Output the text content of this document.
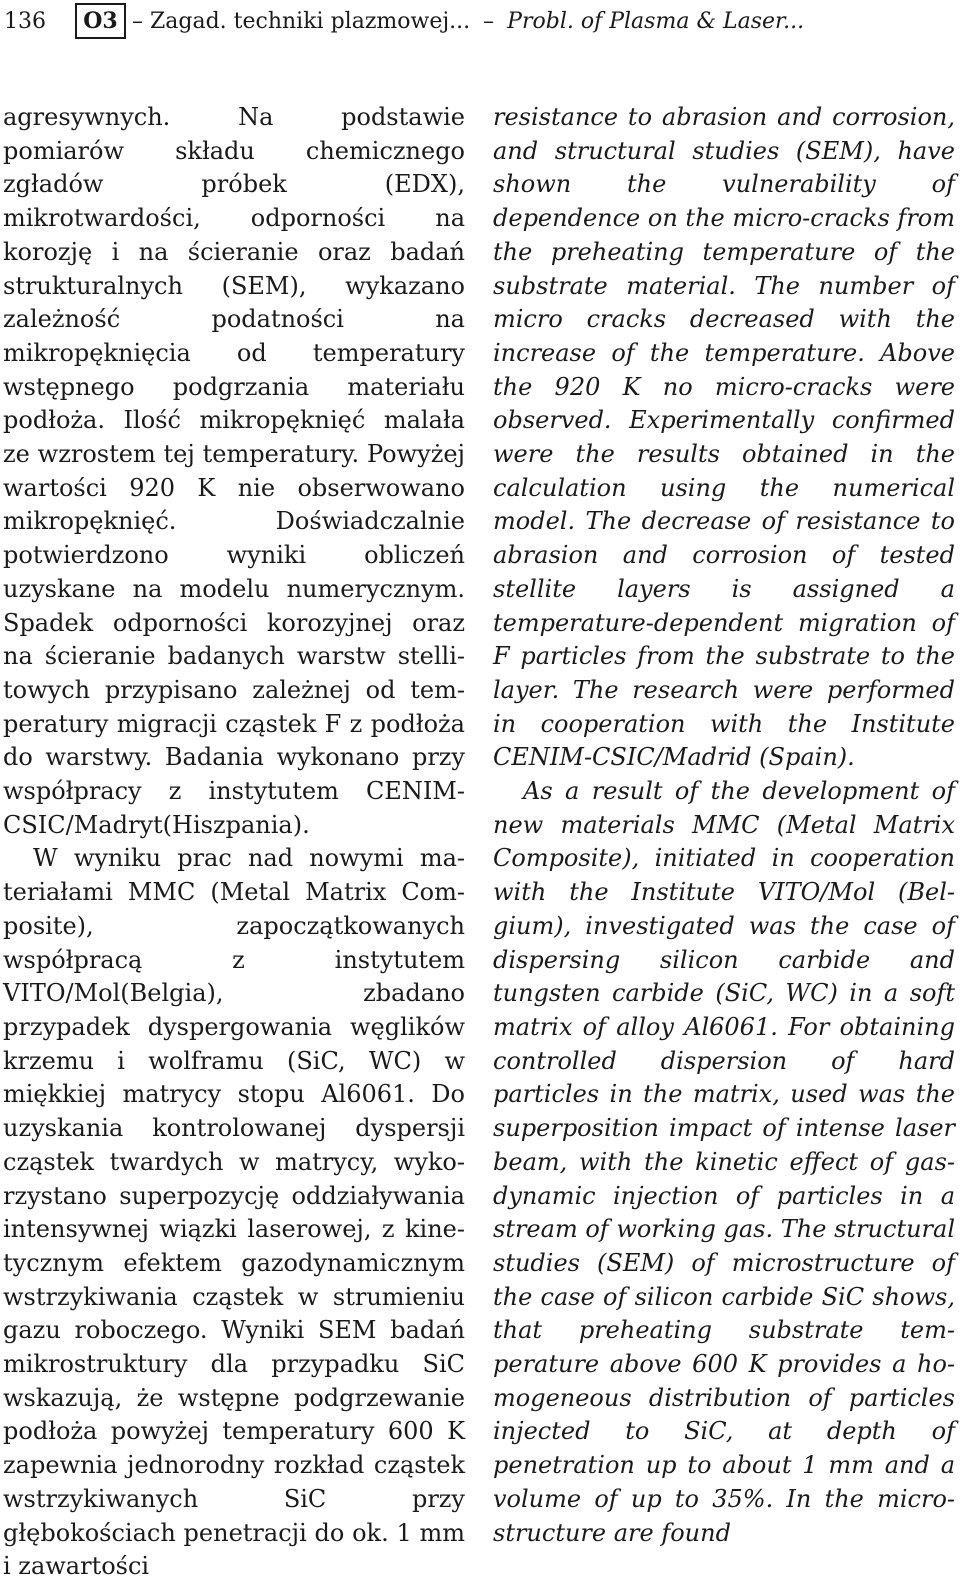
136	O3 – Zagad. techniki plazmowej... – Probl. of Plasma & Laser...

agresywnych. Na podstawie pomiarów składu chemicznego zgładów próbek (EDX), mikrotwardości, odporności na korozję i na ścieranie oraz badań strukturalnych (SEM), wykazano zależność podatności na mikropęknięcia od temperatury wstępnego podgrzania materiału podłoża. Ilość mikropęknięć malała ze wzrostem tej temperatury. Powyżej wartości 920 K nie obserwowano mikropęknięć. Doświadczalnie potwierdzono wyniki obliczeń uzyskane na modelu numerycznym. Spadek odporności korozyjnej oraz na ścieranie badanych warstw stellitowych przypisano zależnej od temperatury migracji cząstek F z podłoża do warstwy. Badania wykonano przy współpracy z instytutem CENIM-CSIC/Madryt(Hiszpania).

W wyniku prac nad nowymi materiałami MMC (Metal Matrix Composite), zapoczątkowanych współpracą z instytutem VITO/Mol(Belgia), zbadano przypadek dyspergowania węglików krzemu i wolframu (SiC, WC) w miękkiej matrycy stopu Al6061. Do uzyskania kontrolowanej dyspersji cząstek twardych w matrycy, wykorzystano superpozycję oddziaływania intensywnej wiązki laserowej, z kinetycznym efektem gazodynamicznym wstrzykiwania cząstek w strumieniu gazu roboczego. Wyniki SEM badań mikrostruktury dla przypadku SiC wskazują, że wstępne podgrzewanie podłoża powyżej temperatury 600 K zapewnia jednorodny rozkład cząstek wstrzykiwanych SiC przy głębokościach penetracji do ok. 1 mm i zawartości

resistance to abrasion and corrosion, and structural studies (SEM), have shown the vulnerability of dependence on the micro-cracks from the preheating temperature of the substrate material. The number of micro cracks decreased with the increase of the temperature. Above the 920 K no micro-cracks were observed. Experimentally confirmed were the results obtained in the calculation using the numerical model. The decrease of resistance to abrasion and corrosion of tested stellite layers is assigned a temperature-dependent migration of F particles from the substrate to the layer. The research were performed in cooperation with the Institute CENIM-CSIC/Madrid (Spain).

As a result of the development of new materials MMC (Metal Matrix Composite), initiated in cooperation with the Institute VITO/Mol (Belgium), investigated was the case of dispersing silicon carbide and tungsten carbide (SiC, WC) in a soft matrix of alloy Al6061. For obtaining controlled dispersion of hard particles in the matrix, used was the superposition impact of intense laser beam, with the kinetic effect of gas-dynamic injection of particles in a stream of working gas. The structural studies (SEM) of microstructure of the case of silicon carbide SiC shows, that preheating substrate temperature above 600 K provides a homogeneous distribution of particles injected to SiC, at depth of penetration up to about 1 mm and a volume of up to 35%. In the micro-structure are found
